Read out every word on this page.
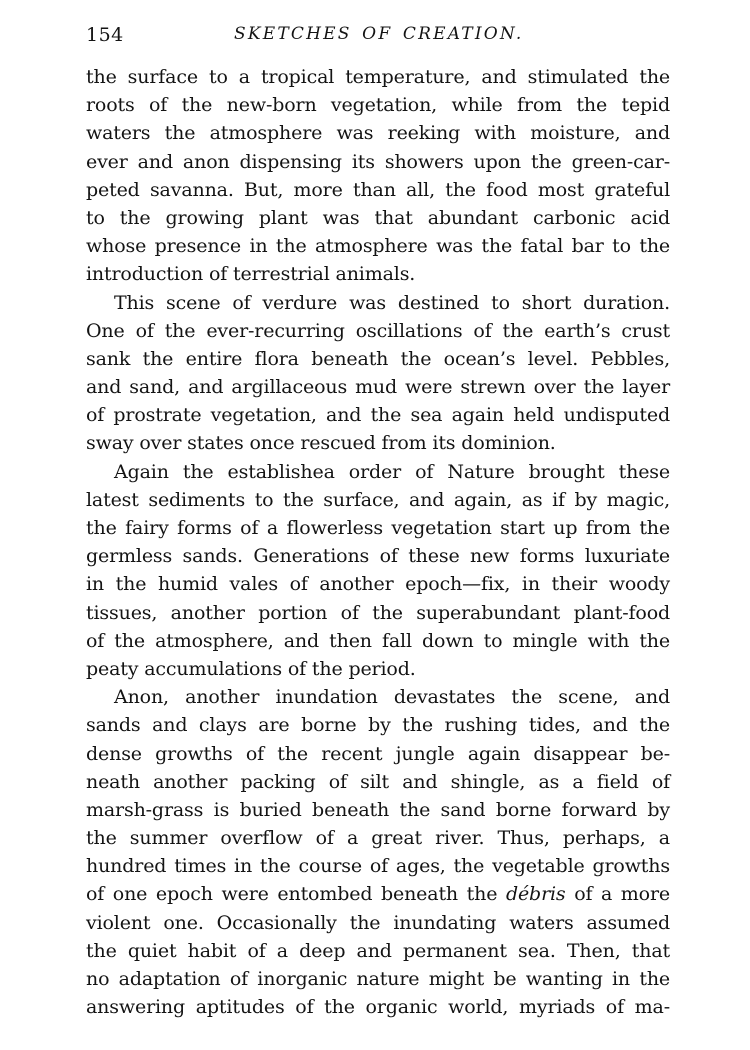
154	SKETCHES OF CREATION.
the surface to a tropical temperature, and stimulated the
roots of the new-born vegetation, while from the tepid
waters the atmosphere was reeking with moisture, and
ever and anon dispensing its showers upon the green-car-
peted savanna. But, more than all, the food most grateful
to the growing plant was that abundant carbonic acid
whose presence in the atmosphere was the fatal bar to the
introduction of terrestrial animals.
This scene of verdure was destined to short duration.
One of the ever-recurring oscillations of the earth’s crust
sank the entire flora beneath the ocean’s level. Pebbles,
and sand, and argillaceous mud were strewn over the layer
of prostrate vegetation, and the sea again held undisputed
sway over states once rescued from its dominion.
Again the establishea order of Nature brought these
latest sediments to the surface, and again, as if by magic,
the fairy forms of a flowerless vegetation start up from the
germless sands. Generations of these new forms luxuriate
in the humid vales of another epoch—fix, in their woody
tissues, another portion of the superabundant plant-food
of the atmosphere, and then fall down to mingle with the
peaty accumulations of the period.
Anon, another inundation devastates the scene, and
sands and clays are borne by the rushing tides, and the
dense growths of the recent jungle again disappear be-
neath another packing of silt and shingle, as a field of
marsh-grass is buried beneath the sand borne forward by
the summer overflow of a great river. Thus, perhaps, a
hundred times in the course of ages, the vegetable growths
of one epoch were entombed beneath the débris of a more
violent one. Occasionally the inundating waters assumed
the quiet habit of a deep and permanent sea. Then, that
no adaptation of inorganic nature might be wanting in the
answering aptitudes of the organic world, myriads of ma-
